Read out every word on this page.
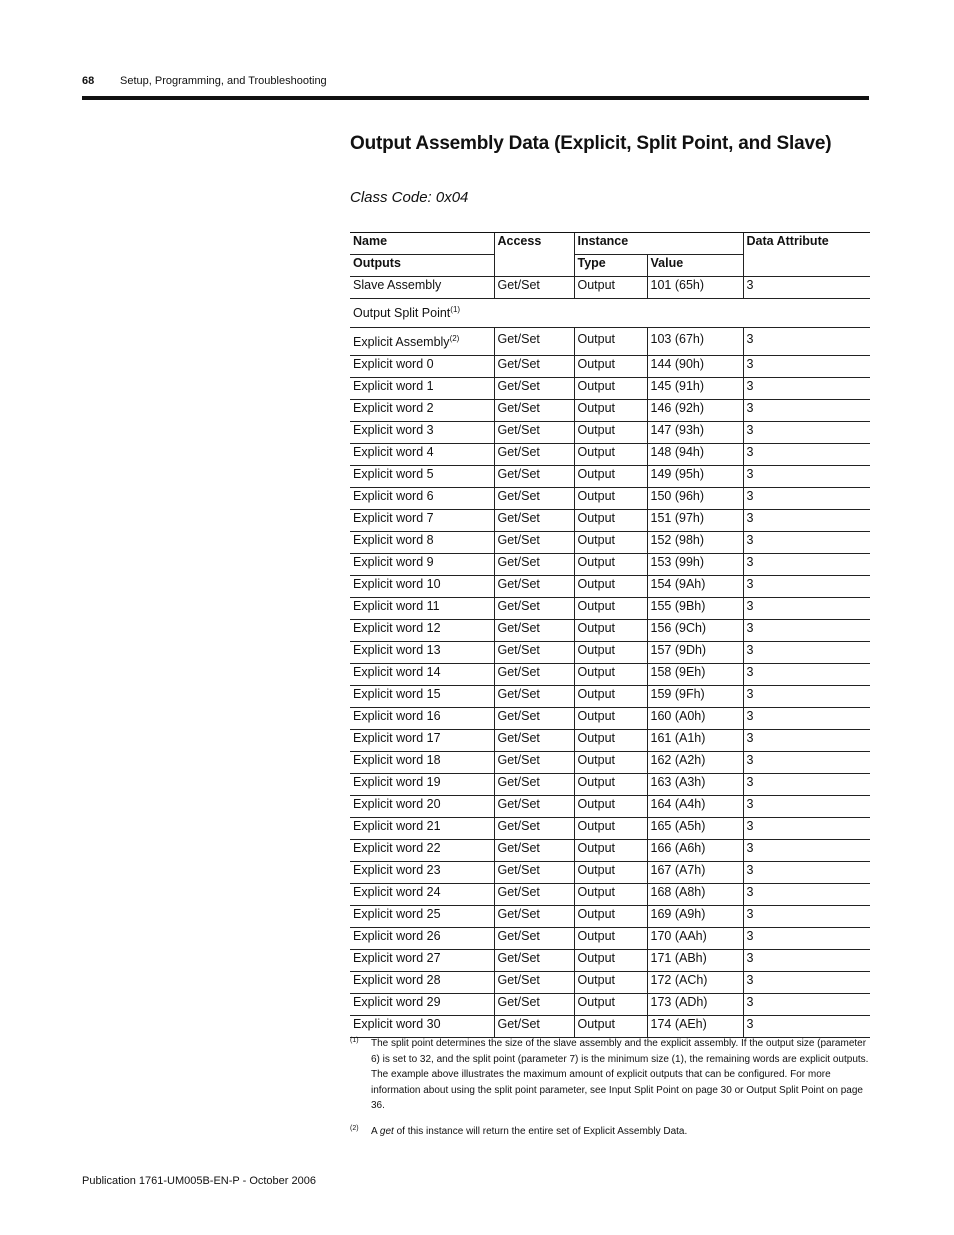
68 Setup, Programming, and Troubleshooting
Output Assembly Data (Explicit, Split Point, and Slave)

Class Code: 0x04

Name	Access	Instance		Data Attribute
Outputs		Type	Value	
Slave Assembly	Get/Set	Output	101 (65h)	3
Output Split Point$^{(1)}$
Explicit Assembly$^{(2)}$	Get/Set	Output	103 (67h)	3
Explicit word 0	Get/Set	Output	144 (90h)	3
Explicit word 1	Get/Set	Output	145 (91h)	3
Explicit word 2	Get/Set	Output	146 (92h)	3
Explicit word 3	Get/Set	Output	147 (93h)	3
Explicit word 4	Get/Set	Output	148 (94h)	3
Explicit word 5	Get/Set	Output	149 (95h)	3
Explicit word 6	Get/Set	Output	150 (96h)	3
Explicit word 7	Get/Set	Output	151 (97h)	3
Explicit word 8	Get/Set	Output	152 (98h)	3
Explicit word 9	Get/Set	Output	153 (99h)	3
Explicit word 10	Get/Set	Output	154 (9Ah)	3
Explicit word 11	Get/Set	Output	155 (9Bh)	3
Explicit word 12	Get/Set	Output	156 (9Ch)	3
Explicit word 13	Get/Set	Output	157 (9Dh)	3
Explicit word 14	Get/Set	Output	158 (9Eh)	3
Explicit word 15	Get/Set	Output	159 (9Fh)	3
Explicit word 16	Get/Set	Output	160 (A0h)	3
Explicit word 17	Get/Set	Output	161 (A1h)	3
Explicit word 18	Get/Set	Output	162 (A2h)	3
Explicit word 19	Get/Set	Output	163 (A3h)	3
Explicit word 20	Get/Set	Output	164 (A4h)	3
Explicit word 21	Get/Set	Output	165 (A5h)	3
Explicit word 22	Get/Set	Output	166 (A6h)	3
Explicit word 23	Get/Set	Output	167 (A7h)	3
Explicit word 24	Get/Set	Output	168 (A8h)	3
Explicit word 25	Get/Set	Output	169 (A9h)	3
Explicit word 26	Get/Set	Output	170 (AAh)	3
Explicit word 27	Get/Set	Output	171 (ABh)	3
Explicit word 28	Get/Set	Output	172 (ACh)	3
Explicit word 29	Get/Set	Output	173 (ADh)	3
Explicit word 30	Get/Set	Output	174 (AEh)	3
(1) The split point determines the size of the slave assembly and the explicit assembly. If the output size (parameter 6) is set to 32, and the split point (parameter 7) is the minimum size (1), the remaining words are explicit outputs. The example above illustrates the maximum amount of explicit outputs that can be configured. For more information about using the split point parameter, see Input Split Point on page 30 or Output Split Point on page 36.
(2) A get of this instance will return the entire set of Explicit Assembly Data.
Publication 1761-UM005B-EN-P - October 2006
